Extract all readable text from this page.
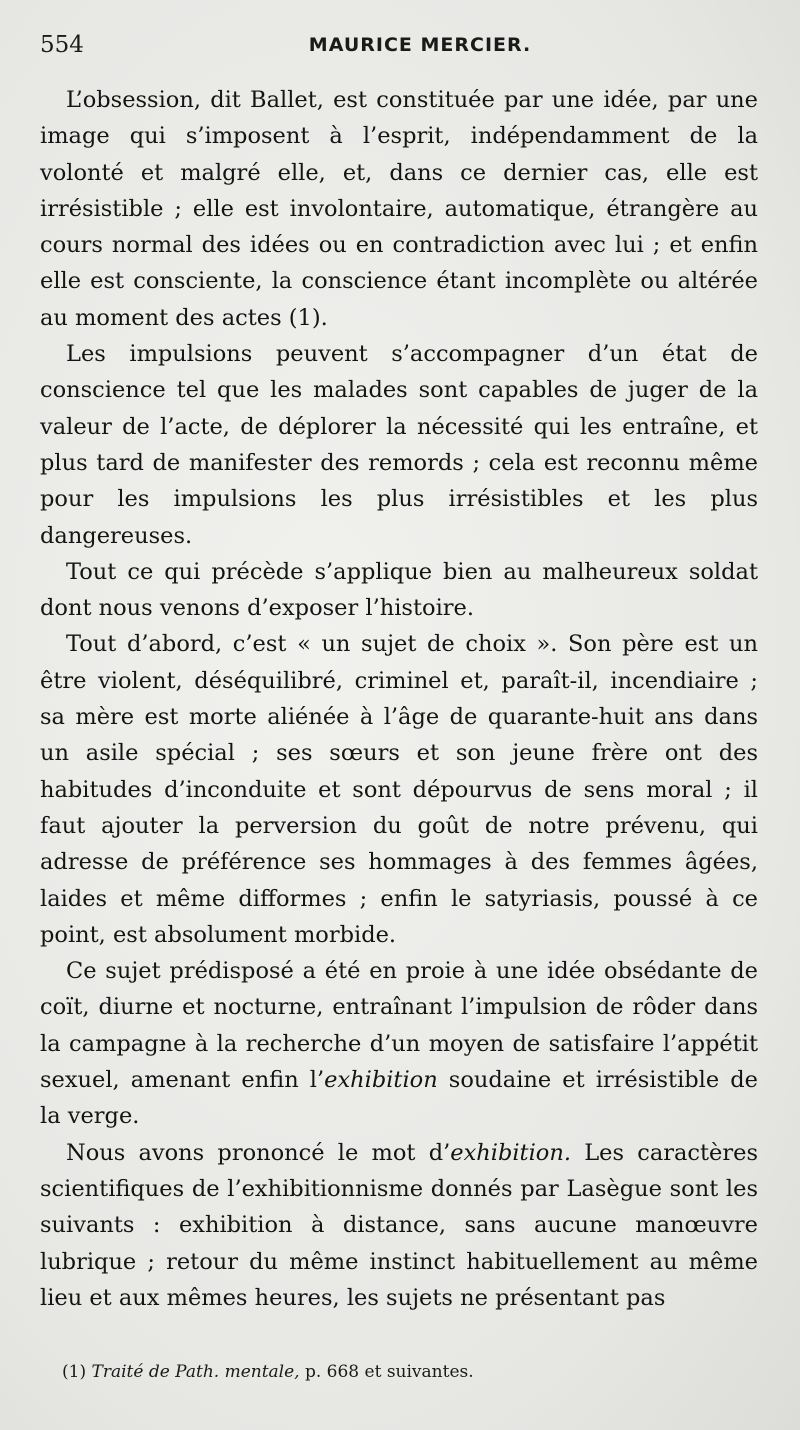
554	MAURICE MERCIER.

L’obsession, dit Ballet, est constituée par une idée, par une image qui s’imposent à l’esprit, indépendamment de la volonté et malgré elle, et, dans ce dernier cas, elle est irrésistible ; elle est involontaire, automatique, étrangère au cours normal des idées ou en contradiction avec lui ; et enfin elle est consciente, la conscience étant incomplète ou altérée au moment des actes (1).

Les impulsions peuvent s’accompagner d’un état de conscience tel que les malades sont capables de juger de la valeur de l’acte, de déplorer la nécessité qui les entraîne, et plus tard de manifester des remords ; cela est reconnu même pour les impulsions les plus irrésistibles et les plus dangereuses.

Tout ce qui précède s’applique bien au malheureux soldat dont nous venons d’exposer l’histoire.

Tout d’abord, c’est « un sujet de choix ». Son père est un être violent, déséquilibré, criminel et, paraît-il, incendiaire ; sa mère est morte aliénée à l’âge de quarante-huit ans dans un asile spécial ; ses sœurs et son jeune frère ont des habitudes d’inconduite et sont dépourvus de sens moral ; il faut ajouter la perversion du goût de notre prévenu, qui adresse de préférence ses hommages à des femmes âgées, laides et même difformes ; enfin le satyriasis, poussé à ce point, est absolument morbide.

Ce sujet prédisposé a été en proie à une idée obsédante de coït, diurne et nocturne, entraînant l’impulsion de rôder dans la campagne à la recherche d’un moyen de satisfaire l’appétit sexuel, amenant enfin l’exhibition soudaine et irrésistible de la verge.

Nous avons prononcé le mot d’exhibition. Les caractères scientifiques de l’exhibitionnisme donnés par Lasègue sont les suivants : exhibition à distance, sans aucune manœuvre lubrique ; retour du même instinct habituellement au même lieu et aux mêmes heures, les sujets ne présentant pas

(1) Traité de Path. mentale, p. 668 et suivantes.
